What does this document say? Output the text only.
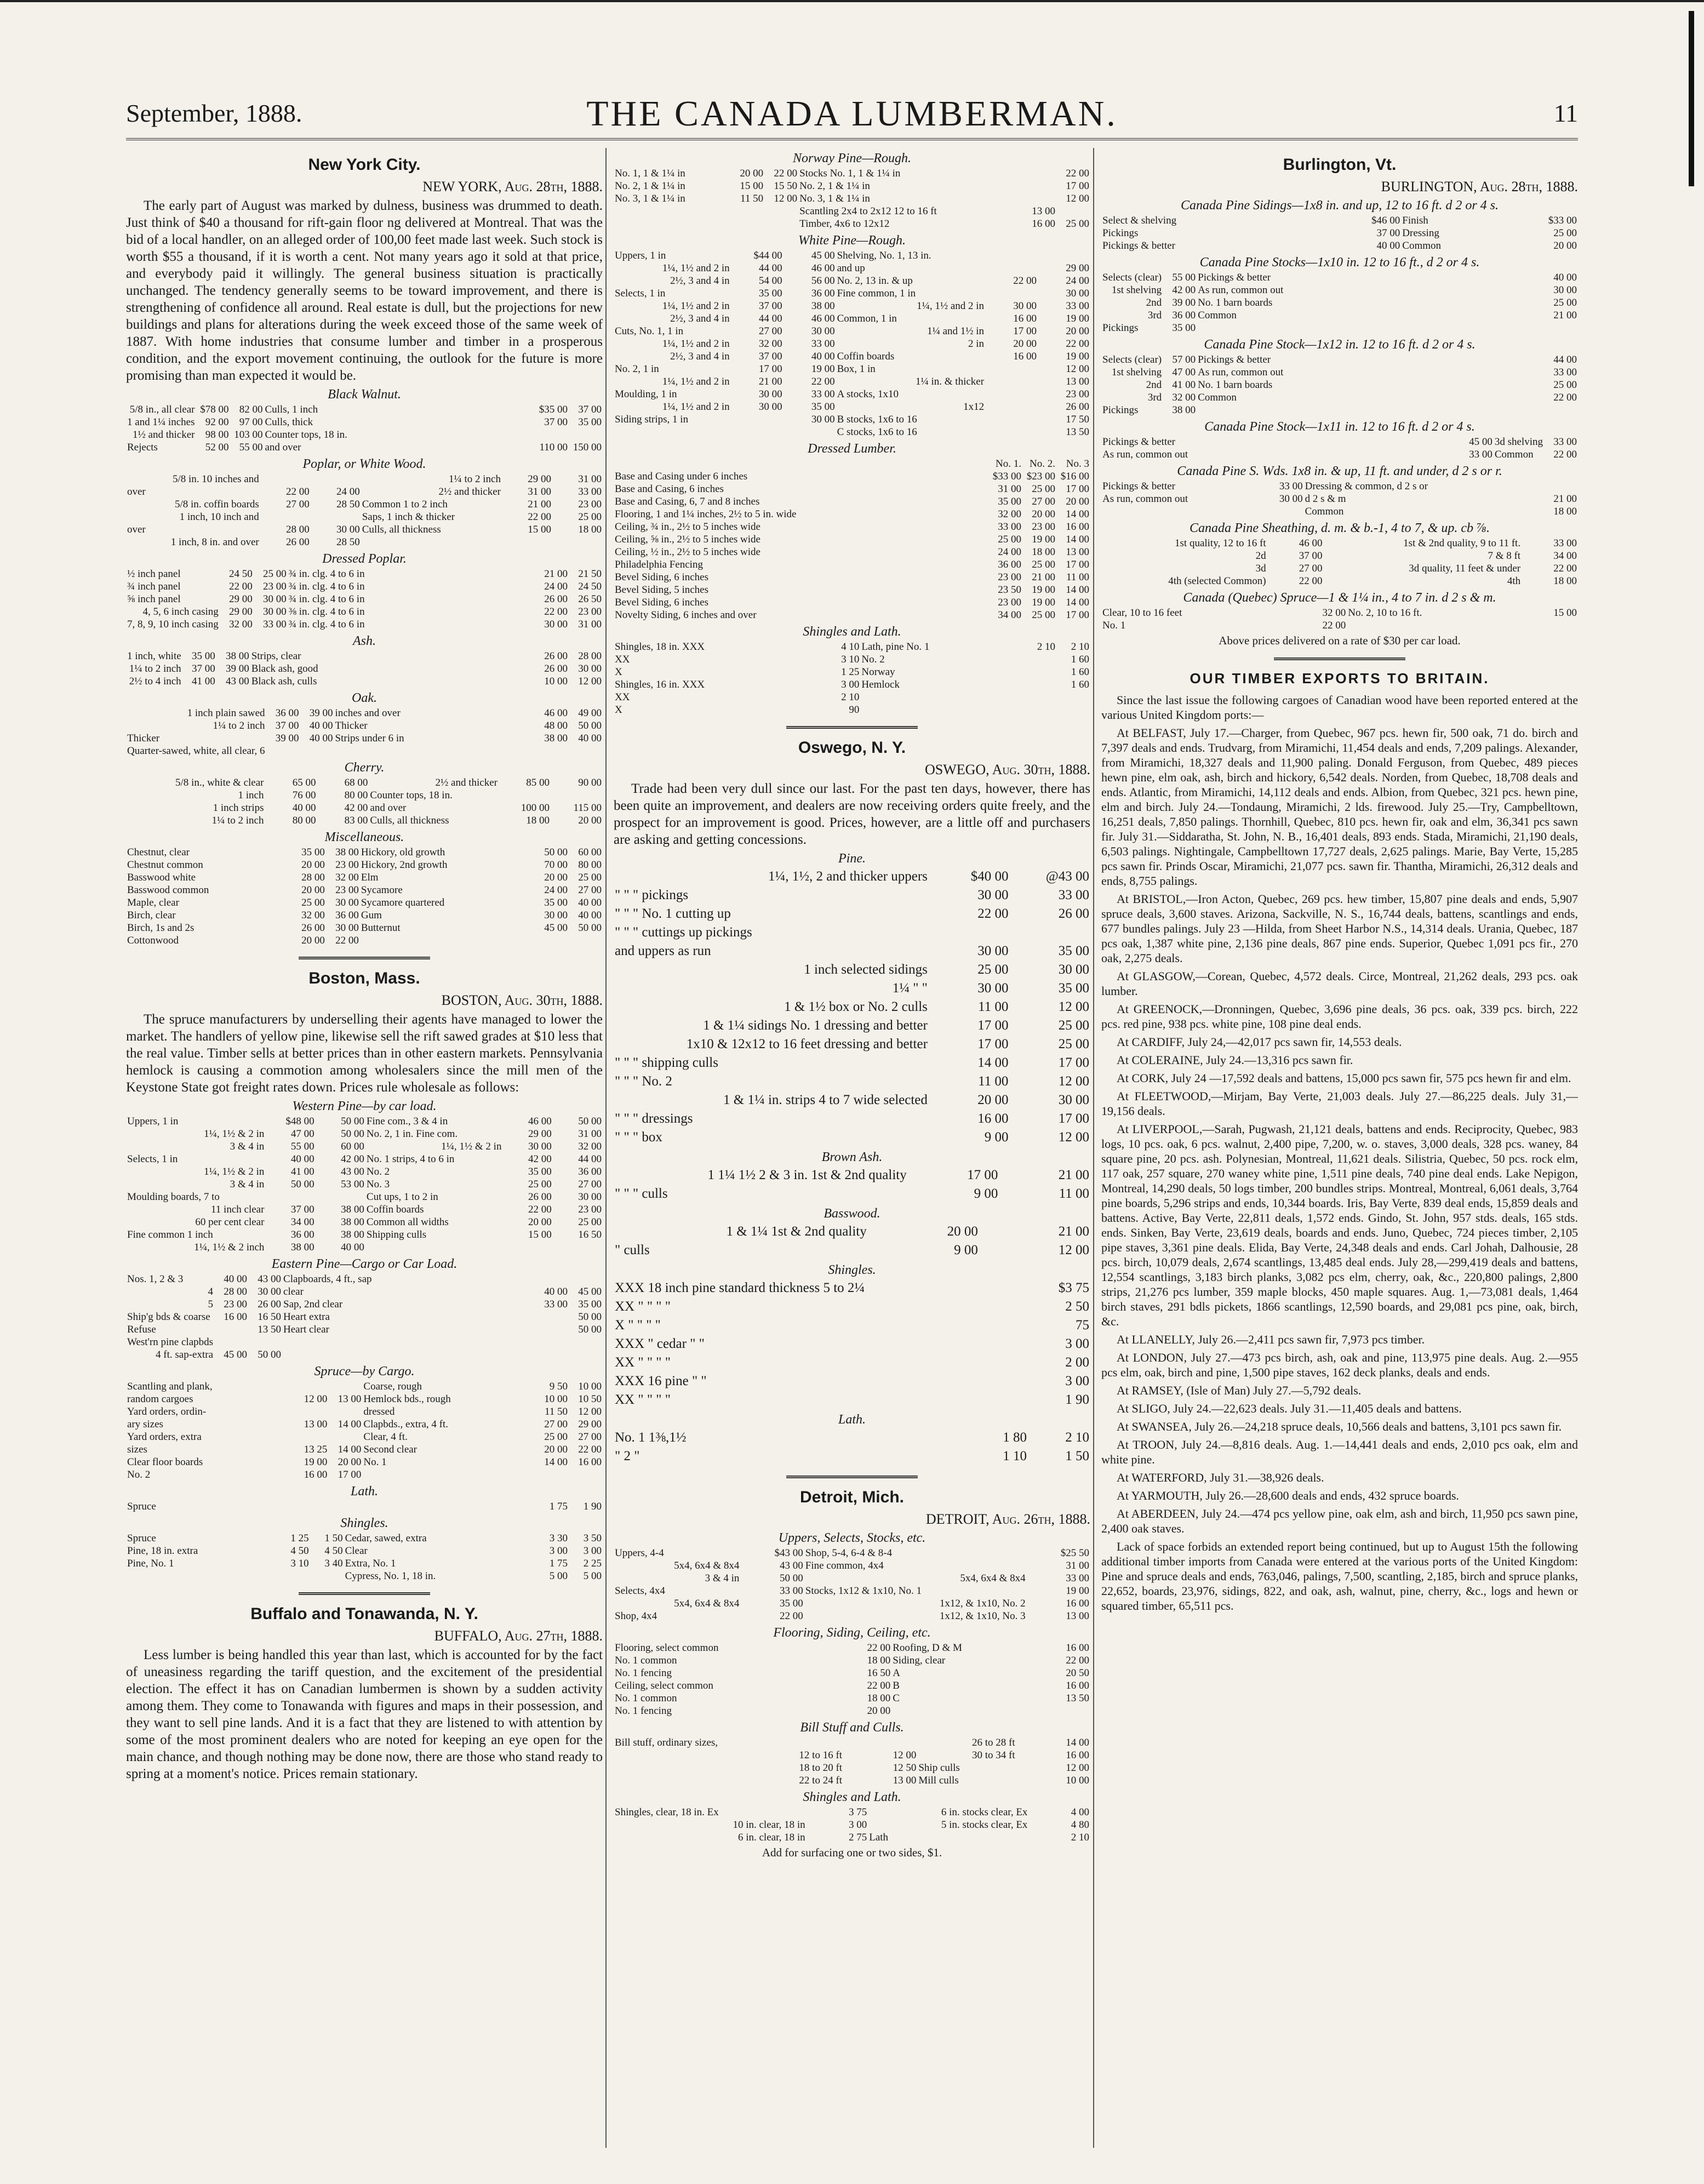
September, 1888.	THE CANADA LUMBERMAN.	11
New York City.
NEW YORK, Aug. 28th, 1888.

The early part of August was marked by dulness, business was drummed to death. Just think of $40 a thousand for rift-gain floor ng delivered at Montreal. That was the bid of a local handler, on an alleged order of 100,00 feet made last week. Such stock is worth $55 a thousand, if it is worth a cent. Not many years ago it sold at that price, and everybody paid it willingly. The general business situation is practically unchanged. The tendency generally seems to be toward improvement, and there is strengthening of confidence all around. Real estate is dull, but the projections for new buildings and plans for alterations during the week exceed those of the same week of 1887. With home industries that consume lumber and timber in a prosperous condition, and the export movement continuing, the outlook for the future is more promising than man expected it would be.

Black Walnut.
5/8 in., all clear	$78 00	82 00	Culls, 1 inch	$35 00	37 00
1 and 1¼ inches	92 00	97 00	Culls, thick	37 00	35 00
1½ and thicker	98 00	103 00	Counter tops, 18 in.		
Rejects	52 00	55 00	and over	110 00	150 00
Poplar, or White Wood.
5/8 in. 10 inches and			1¼ to 2 inch	29 00	31 00
over	22 00	24 00	2½ and thicker	31 00	33 00
5/8 in. coffin boards	27 00	28 50	Common 1 to 2 inch	21 00	23 00
1 inch, 10 inch and			Saps, 1 inch & thicker	22 00	25 00
over	28 00	30 00	Culls, all thickness	15 00	18 00
1 inch, 8 in. and over	26 00	28 50			
Dressed Poplar.
½ inch panel	24 50	25 00	¾ in. clg. 4 to 6 in	21 00	21 50
¾ inch panel	22 00	23 00	¾ in. clg. 4 to 6 in	24 00	24 50
⅝ inch panel	29 00	30 00	¾ in. clg. 4 to 6 in	26 00	26 50
4, 5, 6 inch casing	29 00	30 00	⅜ in. clg. 4 to 6 in	22 00	23 00
7, 8, 9, 10 inch casing	32 00	33 00	¾ in. clg. 4 to 6 in	30 00	31 00
Ash.
1 inch, white	35 00	38 00	Strips, clear	26 00	28 00
1¼ to 2 inch	37 00	39 00	Black ash, good	26 00	30 00
2½ to 4 inch	41 00	43 00	Black ash, culls	10 00	12 00
Oak.
1 inch plain sawed	36 00	39 00	inches and over	46 00	49 00
1¼ to 2 inch	37 00	40 00	Thicker	48 00	50 00
Thicker	39 00	40 00	Strips under 6 in	38 00	40 00
Quarter-sawed, white, all clear, 6					
Cherry.
5/8 in., white & clear	65 00	68 00	2½ and thicker	85 00	90 00
1 inch	76 00	80 00	Counter tops, 18 in.		
1 inch strips	40 00	42 00	and over	100 00	115 00
1¼ to 2 inch	80 00	83 00	Culls, all thickness	18 00	20 00
Miscellaneous.
Chestnut, clear	35 00	38 00	Hickory, old growth	50 00	60 00
Chestnut common	20 00	23 00	Hickory, 2nd growth	70 00	80 00
Basswood white	28 00	32 00	Elm	20 00	25 00
Basswood common	20 00	23 00	Sycamore	24 00	27 00
Maple, clear	25 00	30 00	Sycamore quartered	35 00	40 00
Birch, clear	32 00	36 00	Gum	30 00	40 00
Birch, 1s and 2s	26 00	30 00	Butternut	45 00	50 00
Cottonwood	20 00	22 00			
Boston, Mass.
BOSTON, Aug. 30th, 1888.

The spruce manufacturers by underselling their agents have managed to lower the market. The handlers of yellow pine, likewise sell the rift sawed grades at $10 less that the real value. Timber sells at better prices than in other eastern markets. Pennsylvania hemlock is causing a commotion among wholesalers since the mill men of the Keystone State got freight rates down. Prices rule wholesale as follows:

Western Pine—by car load.
Uppers, 1 in	$48 00	50 00	Fine com., 3 & 4 in	46 00	50 00
1¼, 1½ & 2 in	47 00	50 00	No. 2, 1 in. Fine com.	29 00	31 00
3 & 4 in	55 00	60 00	1¼, 1½ & 2 in	30 00	32 00
Selects, 1 in	40 00	42 00	No. 1 strips, 4 to 6 in	42 00	44 00
1¼, 1½ & 2 in	41 00	43 00	No. 2	35 00	36 00
3 & 4 in	50 00	53 00	No. 3	25 00	27 00
Moulding boards, 7 to			Cut ups, 1 to 2 in	26 00	30 00
11 inch clear	37 00	38 00	Coffin boards	22 00	23 00
60 per cent clear	34 00	38 00	Common all widths	20 00	25 00
Fine common 1 inch	36 00	38 00	Shipping culls	15 00	16 50
1¼, 1½ & 2 inch	38 00	40 00			
Eastern Pine—Cargo or Car Load.
Nos. 1, 2 & 3	40 00	43 00	Clapboards, 4 ft., sap		
4	28 00	30 00	clear	40 00	45 00
5	23 00	26 00	Sap, 2nd clear	33 00	35 00
Ship'g bds & coarse	16 00	16 50	Heart extra		50 00
Refuse		13 50	Heart clear		50 00
West'rn pine clapbds					
4 ft. sap-extra	45 00	50 00			
Spruce—by Cargo.
Scantling and plank,			Coarse, rough	9 50	10 00
random cargoes	12 00	13 00	Hemlock bds., rough	10 00	10 50
Yard orders, ordin-			dressed	11 50	12 00
ary sizes	13 00	14 00	Clapbds., extra, 4 ft.	27 00	29 00
Yard orders, extra			Clear, 4 ft.	25 00	27 00
sizes	13 25	14 00	Second clear	20 00	22 00
Clear floor boards	19 00	20 00	No. 1	14 00	16 00
No. 2	16 00	17 00			
Lath.
Spruce	1 75	1 90
Shingles.
Spruce	1 25	1 50	Cedar, sawed, extra	3 30	3 50
Pine, 18 in. extra	4 50	4 50	Clear	3 00	3 00
Pine, No. 1	3 10	3 40	Extra, No. 1	1 75	2 25
			Cypress, No. 1, 18 in.	5 00	5 00
Buffalo and Tonawanda, N. Y.
BUFFALO, Aug. 27th, 1888.

Less lumber is being handled this year than last, which is accounted for by the fact of uneasiness regarding the tariff question, and the excitement of the presidential election. The effect it has on Canadian lumbermen is shown by a sudden activity among them. They come to Tonawanda with figures and maps in their possession, and they want to sell pine lands. And it is a fact that they are listened to with attention by some of the most prominent dealers who are noted for keeping an eye open for the main chance, and though nothing may be done now, there are those who stand ready to spring at a moment's notice. Prices remain stationary.

Norway Pine—Rough.
No. 1, 1 & 1¼ in	20 00	22 00	Stocks No. 1, 1 & 1¼ in		22 00
No. 2, 1 & 1¼ in	15 00	15 50	No. 2, 1 & 1¼ in		17 00
No. 3, 1 & 1¼ in	11 50	12 00	No. 3, 1 & 1¼ in		12 00
			Scantling 2x4 to 2x12 12 to 16 ft	13 00	
			Timber, 4x6 to 12x12	16 00	25 00
White Pine—Rough.
Uppers, 1 in	$44 00	45 00	Shelving, No. 1, 13 in.		
1¼, 1½ and 2 in	44 00	46 00	and up		29 00
2½, 3 and 4 in	54 00	56 00	No. 2, 13 in. & up	22 00	24 00
Selects, 1 in	35 00	36 00	Fine common, 1 in		30 00
1¼, 1½ and 2 in	37 00	38 00	1¼, 1½ and 2 in	30 00	33 00
2½, 3 and 4 in	44 00	46 00	Common, 1 in	16 00	19 00
Cuts, No. 1, 1 in	27 00	30 00	1¼ and 1½ in	17 00	20 00
1¼, 1½ and 2 in	32 00	33 00	2 in	20 00	22 00
2½, 3 and 4 in	37 00	40 00	Coffin boards	16 00	19 00
No. 2, 1 in	17 00	19 00	Box, 1 in		12 00
1¼, 1½ and 2 in	21 00	22 00	1¼ in. & thicker		13 00
Moulding, 1 in	30 00	33 00	A stocks, 1x10		23 00
1¼, 1½ and 2 in	30 00	35 00	1x12		26 00
Siding strips, 1 in		30 00	B stocks, 1x6 to 16		17 50
			C stocks, 1x6 to 16		13 50
Dressed Lumber.
	No. 1.	No. 2.	No. 3
Base and Casing under 6 inches	$33 00	$23 00	$16 00
Base and Casing, 6 inches	31 00	25 00	17 00
Base and Casing, 6, 7 and 8 inches	35 00	27 00	20 00
Flooring, 1 and 1¼ inches, 2½ to 5 in. wide	32 00	20 00	14 00
Ceiling, ¾ in., 2½ to 5 inches wide	33 00	23 00	16 00
Ceiling, ⅝ in., 2½ to 5 inches wide	25 00	19 00	14 00
Ceiling, ½ in., 2½ to 5 inches wide	24 00	18 00	13 00
Philadelphia Fencing	36 00	25 00	17 00
Bevel Siding, 6 inches	23 00	21 00	11 00
Bevel Siding, 5 inches	23 50	19 00	14 00
Bevel Siding, 6 inches	23 00	19 00	14 00
Novelty Siding, 6 inches and over	34 00	25 00	17 00
Shingles and Lath.
Shingles, 18 in. XXX	4 10	Lath, pine No. 1	2 10	2 10
XX	3 10	No. 2		1 60
X	1 25	Norway		1 60
Shingles, 16 in. XXX	3 00	Hemlock		1 60
XX	2 10			
X	90			
Oswego, N. Y.
OSWEGO, Aug. 30th, 1888.

Trade had been very dull since our last. For the past ten days, however, there has been quite an improvement, and dealers are now receiving orders quite freely, and the prospect for an improvement is good. Prices, however, are a little off and purchasers are asking and getting concessions.

Pine.
1¼, 1½, 2 and thicker uppers	$40 00	@43 00
" " " pickings	30 00	33 00
" " " No. 1 cutting up	22 00	26 00
" " " cuttings up pickings		
and uppers as run	30 00	35 00
1 inch selected sidings	25 00	30 00
1¼ " "	30 00	35 00
1 & 1½ box or No. 2 culls	11 00	12 00
1 & 1¼ sidings No. 1 dressing and better	17 00	25 00
1x10 & 12x12 to 16 feet dressing and better	17 00	25 00
" " " shipping culls	14 00	17 00
" " " No. 2	11 00	12 00
1 & 1¼ in. strips 4 to 7 wide selected	20 00	30 00
" " " dressings	16 00	17 00
" " " box	9 00	12 00
Brown Ash.
1 1¼ 1½ 2 & 3 in. 1st & 2nd quality	17 00	21 00
" " " culls	9 00	11 00
Basswood.
1 & 1¼ 1st & 2nd quality	20 00	21 00
" culls	9 00	12 00
Shingles.
XXX 18 inch pine standard thickness 5 to 2¼		$3 75
XX " " " "		2 50
X " " " "		75
XXX " cedar " "		3 00
XX " " " "		2 00
XXX 16 pine " "		3 00
XX " " " "		1 90
Lath.
No. 1 1⅜,1½	1 80	2 10
" 2 "	1 10	1 50
Detroit, Mich.
DETROIT, Aug. 26th, 1888.
Uppers, Selects, Stocks, etc.
Uppers, 4-4	$43 00	Shop, 5-4, 6-4 & 8-4	$25 50
5x4, 6x4 & 8x4	43 00	Fine common, 4x4	31 00
3 & 4 in	50 00	5x4, 6x4 & 8x4	33 00
Selects, 4x4	33 00	Stocks, 1x12 & 1x10, No. 1	19 00
5x4, 6x4 & 8x4	35 00	1x12, & 1x10, No. 2	16 00
Shop, 4x4	22 00	1x12, & 1x10, No. 3	13 00
Flooring, Siding, Ceiling, etc.
Flooring, select common	22 00	Roofing, D & M	16 00
No. 1 common	18 00	Siding, clear	22 00
No. 1 fencing	16 50	A	20 50
Ceiling, select common	22 00	B	16 00
No. 1 common	18 00	C	13 50
No. 1 fencing	20 00		
Bill Stuff and Culls.
Bill stuff, ordinary sizes,		26 to 28 ft	14 00
12 to 16 ft	12 00	30 to 34 ft	16 00
18 to 20 ft	12 50	Ship culls	12 00
22 to 24 ft	13 00	Mill culls	10 00
Shingles and Lath.
Shingles, clear, 18 in. Ex	3 75	6 in. stocks clear, Ex	4 00
10 in. clear, 18 in	3 00	5 in. stocks clear, Ex	4 80
6 in. clear, 18 in	2 75	Lath	2 10
Add for surfacing one or two sides, $1.
Burlington, Vt.
BURLINGTON, Aug. 28th, 1888.
Canada Pine Sidings—1x8 in. and up, 12 to 16 ft. d 2 or 4 s.
Select & shelving	$46 00	Finish	$33 00
Pickings	37 00	Dressing	25 00
Pickings & better	40 00	Common	20 00
Canada Pine Stocks—1x10 in. 12 to 16 ft., d 2 or 4 s.
Selects (clear)	55 00	Pickings & better	40 00
1st shelving	42 00	As run, common out	30 00
2nd	39 00	No. 1 barn boards	25 00
3rd	36 00	Common	21 00
Pickings	35 00		
Canada Pine Stock—1x12 in. 12 to 16 ft. d 2 or 4 s.
Selects (clear)	57 00	Pickings & better	44 00
1st shelving	47 00	As run, common out	33 00
2nd	41 00	No. 1 barn boards	25 00
3rd	32 00	Common	22 00
Pickings	38 00		
Canada Pine Stock—1x11 in. 12 to 16 ft. d 2 or 4 s.
Pickings & better	45 00	3d shelving	33 00
As run, common out	33 00	Common	22 00
Canada Pine S. Wds. 1x8 in. & up, 11 ft. and under, d 2 s or r.
Pickings & better	33 00	Dressing & common, d 2 s or	
As run, common out	30 00	d 2 s & m	21 00
		Common	18 00
Canada Pine Sheathing, d. m. & b.-1, 4 to 7, & up. cb ⅞.
1st quality, 12 to 16 ft	46 00	1st & 2nd quality, 9 to 11 ft.	33 00
2d	37 00	7 & 8 ft	34 00
3d	27 00	3d quality, 11 feet & under	22 00
4th (selected Common)	22 00	4th	18 00
Canada (Quebec) Spruce—1 & 1¼ in., 4 to 7 in. d 2 s & m.
Clear, 10 to 16 feet	32 00	No. 2, 10 to 16 ft.	15 00
No. 1	22 00		
Above prices delivered on a rate of $30 per car load.
OUR TIMBER EXPORTS TO BRITAIN.

Since the last issue the following cargoes of Canadian wood have been reported entered at the various United Kingdom ports:—

At BELFAST, July 17.—Charger, from Quebec, 967 pcs. hewn fir, 500 oak, 71 do. birch and 7,397 deals and ends. Trudvarg, from Miramichi, 11,454 deals and ends, 7,209 palings. Alexander, from Miramichi, 18,327 deals and 11,900 paling. Donald Ferguson, from Quebec, 489 pieces hewn pine, elm oak, ash, birch and hickory, 6,542 deals. Norden, from Quebec, 18,708 deals and ends. Atlantic, from Miramichi, 14,112 deals and ends. Albion, from Quebec, 321 pcs. hewn pine, elm and birch. July 24.—Tondaung, Miramichi, 2 lds. firewood. July 25.—Try, Campbelltown, 16,251 deals, 7,850 palings. Thornhill, Quebec, 810 pcs. hewn fir, oak and elm, 36,341 pcs sawn fir. July 31.—Siddaratha, St. John, N. B., 16,401 deals, 893 ends. Stada, Miramichi, 21,190 deals, 6,503 palings. Nightingale, Campbelltown 17,727 deals, 2,625 palings. Marie, Bay Verte, 15,285 pcs sawn fir. Prinds Oscar, Miramichi, 21,077 pcs. sawn fir. Thantha, Miramichi, 26,312 deals and ends, 8,755 palings.

At BRISTOL,—Iron Acton, Quebec, 269 pcs. hew timber, 15,807 pine deals and ends, 5,907 spruce deals, 3,600 staves. Arizona, Sackville, N. S., 16,744 deals, battens, scantlings and ends, 677 bundles palings. July 23 —Hilda, from Sheet Harbor N.S., 14,314 deals. Urania, Quebec, 187 pcs oak, 1,387 white pine, 2,136 pine deals, 867 pine ends. Superior, Quebec 1,091 pcs fir., 270 oak, 2,275 deals.

At GLASGOW,—Corean, Quebec, 4,572 deals. Circe, Montreal, 21,262 deals, 293 pcs. oak lumber.

At GREENOCK,—Dronningen, Quebec, 3,696 pine deals, 36 pcs. oak, 339 pcs. birch, 222 pcs. red pine, 938 pcs. white pine, 108 pine deal ends.

At CARDIFF, July 24,—42,017 pcs sawn fir, 14,553 deals.

At COLERAINE, July 24.—13,316 pcs sawn fir.

At CORK, July 24 —17,592 deals and battens, 15,000 pcs sawn fir, 575 pcs hewn fir and elm.

At FLEETWOOD,—Mirjam, Bay Verte, 21,003 deals. July 27.—86,225 deals. July 31,—19,156 deals.

At LIVERPOOL,—Sarah, Pugwash, 21,121 deals, battens and ends. Reciprocity, Quebec, 983 logs, 10 pcs. oak, 6 pcs. walnut, 2,400 pipe, 7,200, w. o. staves, 3,000 deals, 328 pcs. waney, 84 square pine, 20 pcs. ash. Polynesian, Montreal, 11,621 deals. Silistria, Quebec, 50 pcs. rock elm, 117 oak, 257 square, 270 waney white pine, 1,511 pine deals, 740 pine deal ends. Lake Nepigon, Montreal, 14,290 deals, 50 logs timber, 200 bundles strips. Montreal, Montreal, 6,061 deals, 3,764 pine boards, 5,296 strips and ends, 10,344 boards. Iris, Bay Verte, 839 deal ends, 15,859 deals and battens. Active, Bay Verte, 22,811 deals, 1,572 ends. Gindo, St. John, 957 stds. deals, 165 stds. ends. Sinken, Bay Verte, 23,619 deals, boards and ends. Juno, Quebec, 724 pieces timber, 2,105 pipe staves, 3,361 pine deals. Elida, Bay Verte, 24,348 deals and ends. Carl Johah, Dalhousie, 28 pcs. birch, 10,079 deals, 2,674 scantlings, 13,485 deal ends. July 28,—299,419 deals and battens, 12,554 scantlings, 3,183 birch planks, 3,082 pcs elm, cherry, oak, &c., 220,800 palings, 2,800 strips, 21,276 pcs lumber, 359 maple blocks, 450 maple squares. Aug. 1,—73,081 deals, 1,464 birch staves, 291 bdls pickets, 1866 scantlings, 12,590 boards, and 29,081 pcs pine, oak, birch, &c.

At LLANELLY, July 26.—2,411 pcs sawn fir, 7,973 pcs timber.

At LONDON, July 27.—473 pcs birch, ash, oak and pine, 113,975 pine deals. Aug. 2.—955 pcs elm, oak, birch and pine, 1,500 pipe staves, 162 deck planks, deals and ends.

At RAMSEY, (Isle of Man) July 27.—5,792 deals.

At SLIGO, July 24.—22,623 deals. July 31.—11,405 deals and battens.

At SWANSEA, July 26.—24,218 spruce deals, 10,566 deals and battens, 3,101 pcs sawn fir.

At TROON, July 24.—8,816 deals. Aug. 1.—14,441 deals and ends, 2,010 pcs oak, elm and white pine.

At WATERFORD, July 31.—38,926 deals.

At YARMOUTH, July 26.—28,600 deals and ends, 432 spruce boards.

At ABERDEEN, July 24.—474 pcs yellow pine, oak elm, ash and birch, 11,950 pcs sawn pine, 2,400 oak staves.

Lack of space forbids an extended report being continued, but up to August 15th the following additional timber imports from Canada were entered at the various ports of the United Kingdom: Pine and spruce deals and ends, 763,046, palings, 7,500, scantling, 2,185, birch and spruce planks, 22,652, boards, 23,976, sidings, 822, and oak, ash, walnut, pine, cherry, &c., logs and hewn or squared timber, 65,511 pcs.
